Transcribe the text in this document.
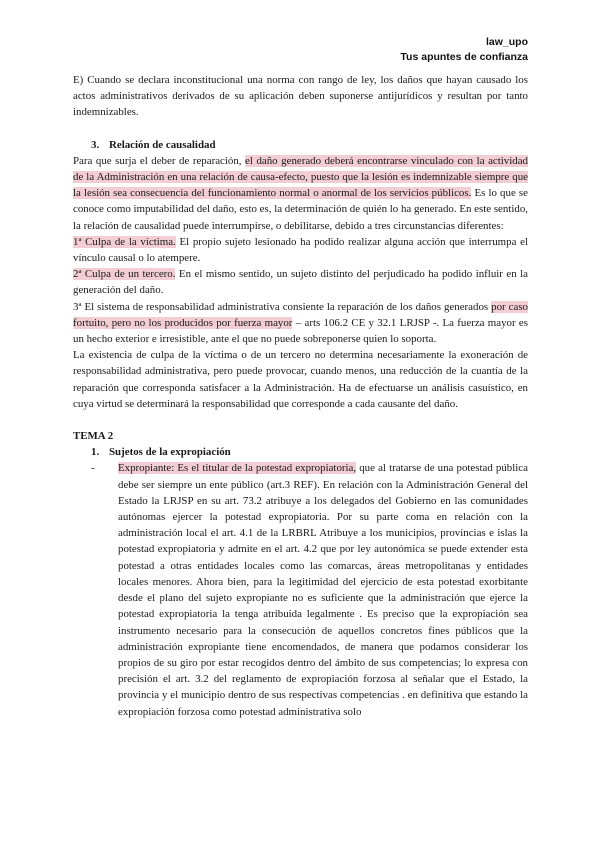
law_upo
Tus apuntes de confianza

E) Cuando se declara inconstitucional una norma con rango de ley, los daños que hayan causado los actos administrativos derivados de su aplicación deben suponerse antijurídicos y resultan por tanto indemnizables.

3. Relación de causalidad

Para que surja el deber de reparación, el daño generado deberá encontrarse vinculado con la actividad de la Administración en una relación de causa-efecto, puesto que la lesión es indemnizable siempre que la lesión sea consecuencia del funcionamiento normal o anormal de los servicios públicos. Es lo que se conoce como imputabilidad del daño, esto es, la determinación de quién lo ha generado. En este sentido, la relación de causalidad puede interrumpirse, o debilitarse, debido a tres circunstancias diferentes:

1ª Culpa de la víctima. El propio sujeto lesionado ha podido realizar alguna acción que interrumpa el vínculo causal o lo atempere.

2ª Culpa de un tercero. En el mismo sentido, un sujeto distinto del perjudicado ha podido influir en la generación del daño.

3ª El sistema de responsabilidad administrativa consiente la reparación de los daños generados por caso fortuito, pero no los producidos por fuerza mayor – arts 106.2 CE y 32.1 LRJSP -. La fuerza mayor es un hecho exterior e irresistible, ante el que no puede sobreponerse quien lo soporta.

La existencia de culpa de la víctima o de un tercero no determina necesariamente la exoneración de responsabilidad administrativa, pero puede provocar, cuando menos, una reducción de la cuantía de la reparación que corresponda satisfacer a la Administración. Ha de efectuarse un análisis casuístico, en cuya virtud se determinará la responsabilidad que corresponde a cada causante del daño.

TEMA 2

1. Sujetos de la expropiación

- Expropiante: Es el titular de la potestad expropiatoria, que al tratarse de una potestad pública debe ser siempre un ente público (art.3 REF). En relación con la Administración General del Estado la LRJSP en su art. 73.2 atribuye a los delegados del Gobierno en las comunidades autónomas ejercer la potestad expropiatoria. Por su parte coma en relación con la administración local el art. 4.1 de la LRBRL Atribuye a los municipios, provincias e islas la potestad expropiatoria y admite en el art. 4.2 que por ley autonómica se puede extender esta potestad a otras entidades locales como las comarcas, áreas metropolitanas y entidades locales menores. Ahora bien, para la legitimidad del ejercicio de esta potestad exorbitante desde el plano del sujeto expropiante no es suficiente que la administración que ejerce la potestad expropiatoria la tenga atribuida legalmente . Es preciso que la expropiación sea instrumento necesario para la consecución de aquellos concretos fines públicos que la administración expropiante tiene encomendados, de manera que podamos considerar los propios de su giro por estar recogidos dentro del ámbito de sus competencias; lo expresa con precisión el art. 3.2 del reglamento de expropiación forzosa al señalar que el Estado, la provincia y el municipio dentro de sus respectivas competencias . en definitiva que estando la expropiación forzosa como potestad administrativa solo
